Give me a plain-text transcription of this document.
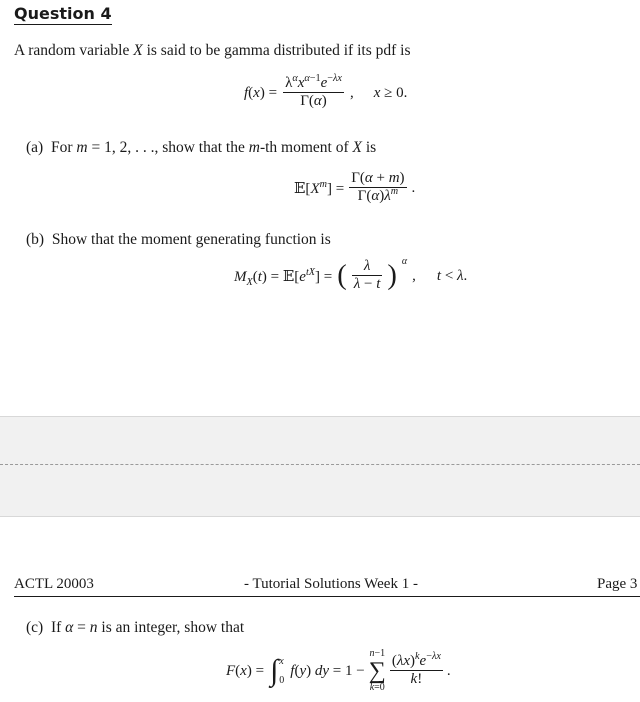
Question 4
A random variable X is said to be gamma distributed if its pdf is
$f(x) = \frac{\lambda^\alpha x^{\alpha-1}e^{-\lambda x}}{\Gamma(\alpha)}$ , x ≥ 0.
(a)  For m = 1, 2, . . ., show that the m-th moment of X is
$𝔼[X^m] = \frac{\Gamma(\alpha + m)}{\Gamma(\alpha)\lambda^m}$ .
(b)  Show that the moment generating function is
$M_X(t)$ = $𝔼[e^{tX}]$ = ( $\frac{\lambda}{\lambda - t}$ ) $^\alpha$
, t < λ.
ACTL 20003	- Tutorial Solutions Week 1 -	Page 3
(c)  If α = n is an integer, show that
F(x) = ∫ x
0
f(y) dy = 1 −
n−1
∑
$k=0 \frac{(\lambda x)^ke^{-\lambda x}}{k!}$ .
